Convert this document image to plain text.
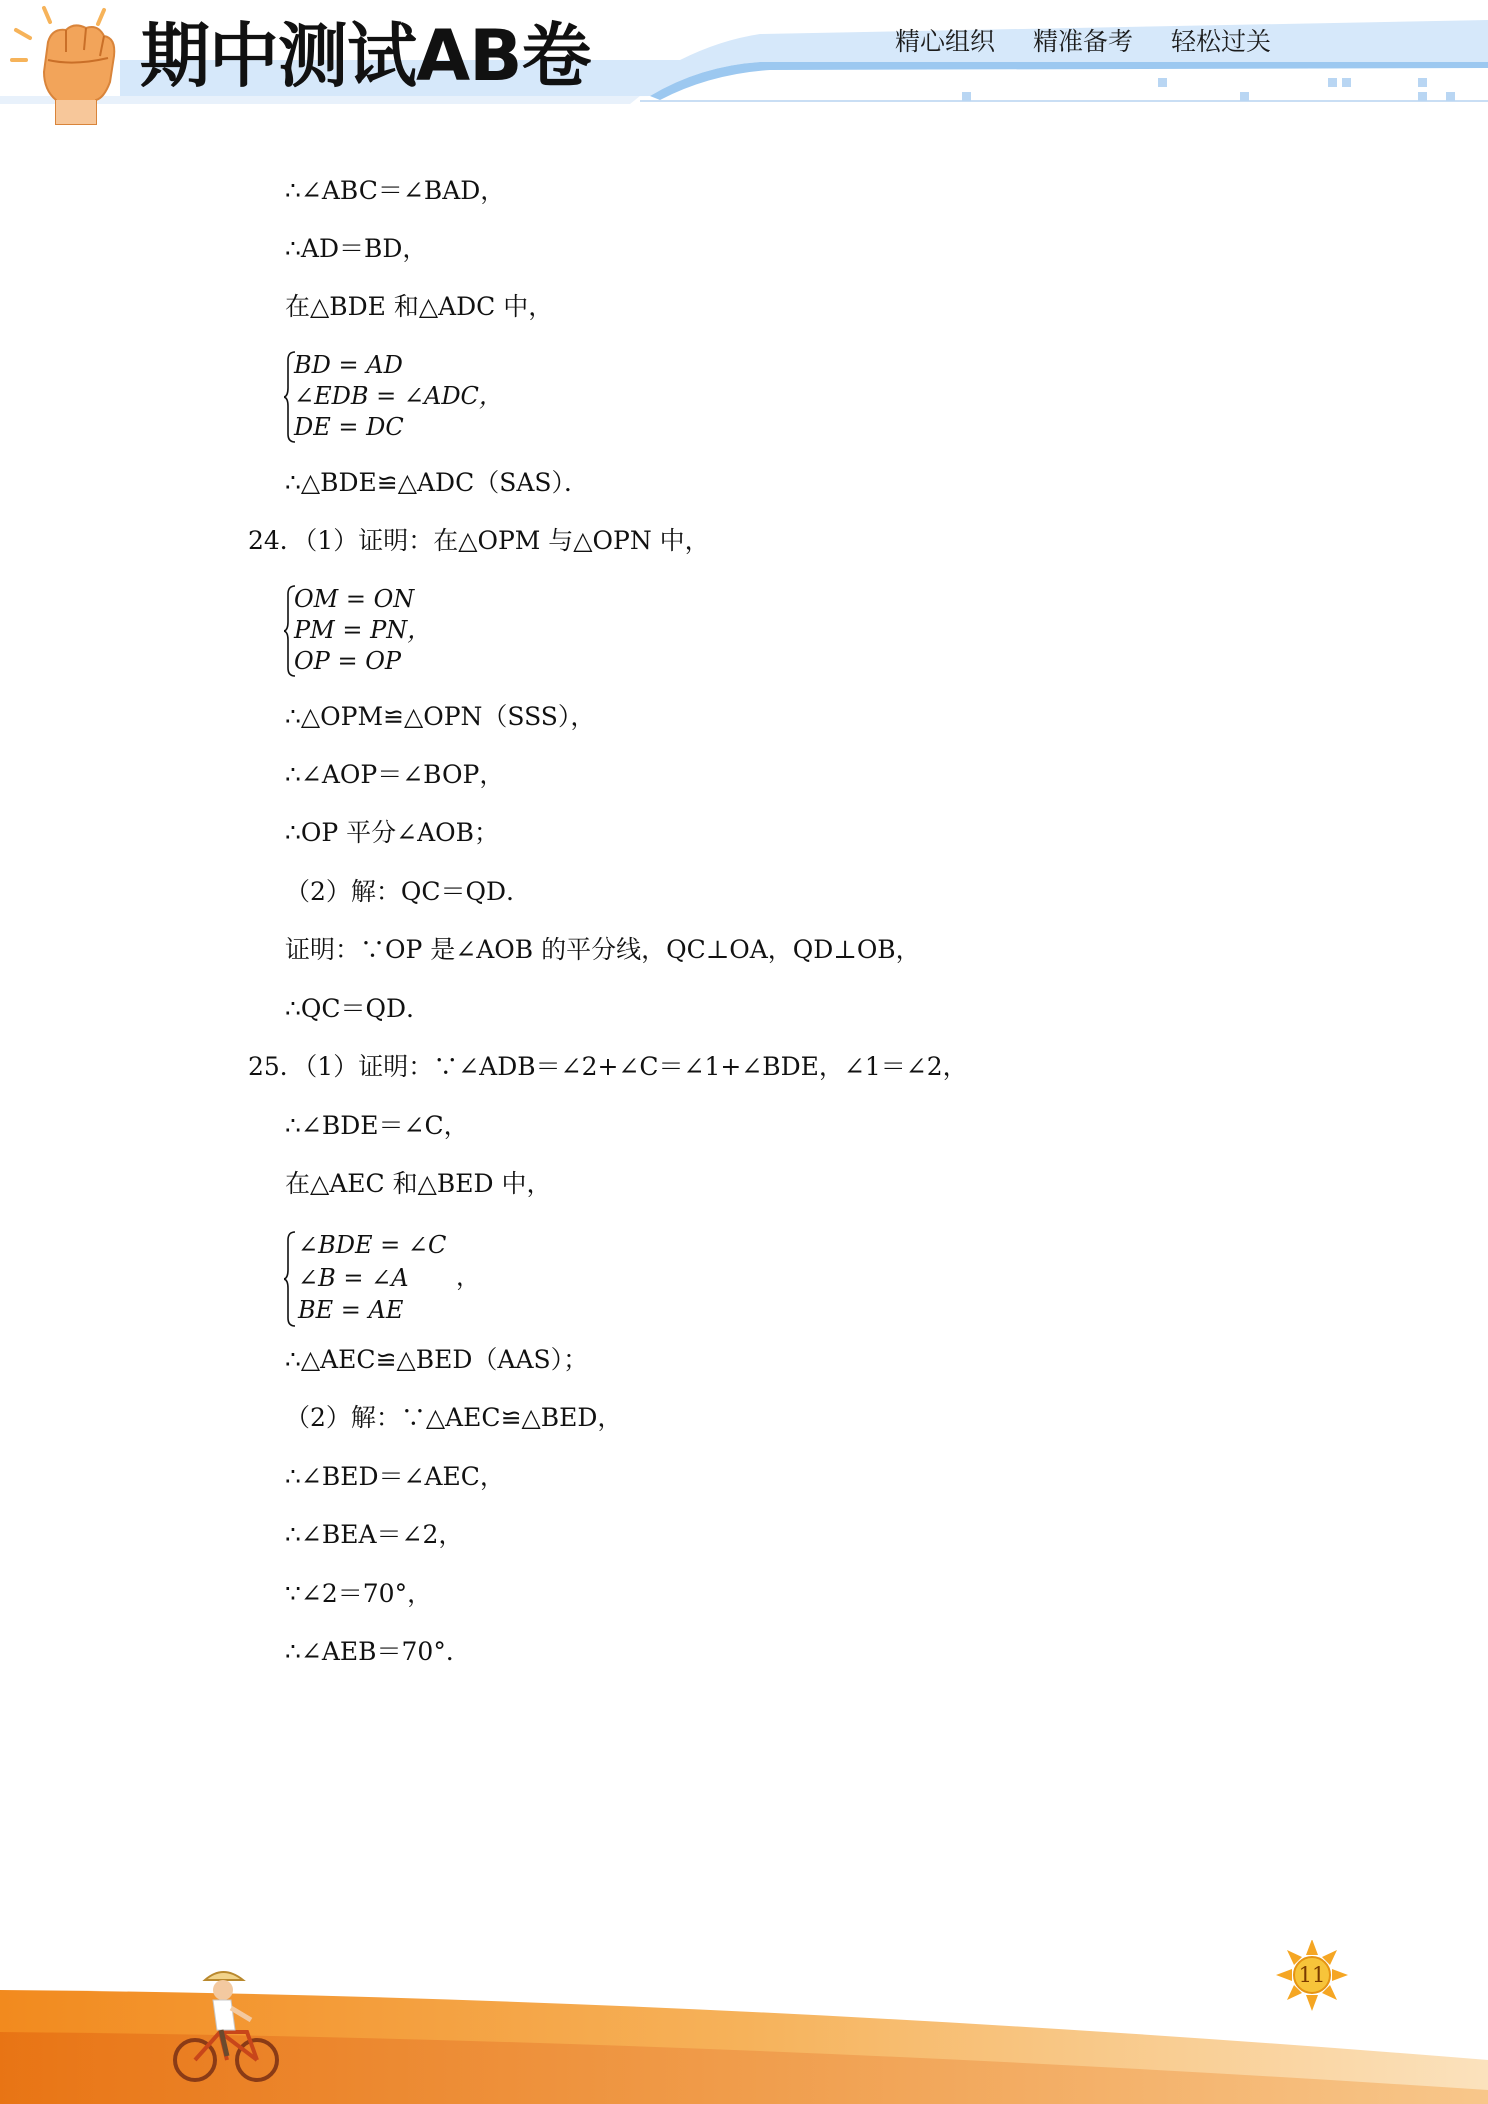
期中测试AB卷	精心组织 精准备考 轻松过关
∴∠ABC＝∠BAD，
∴AD＝BD，
在△BDE 和△ADC 中，
BD = AD
∠EDB = ∠ADC，
DE = DC
∴△BDE≌△ADC（SAS）．
24．（1）证明：在△OPM 与△OPN 中，
OM = ON
PM = PN，
OP = OP
∴△OPM≌△OPN（SSS），
∴∠AOP＝∠BOP，
∴OP 平分∠AOB；
（2）解：QC＝QD．
证明：∵OP 是∠AOB 的平分线，QC⊥OA，QD⊥OB，
∴QC＝QD．
25．（1）证明：∵∠ADB＝∠2+∠C＝∠1+∠BDE，∠1＝∠2，
∴∠BDE＝∠C，
在△AEC 和△BED 中，
∠BDE = ∠C
∠B = ∠A
BE = AE
，
∴△AEC≌△BED（AAS）；
（2）解：∵△AEC≌△BED，
∴∠BED＝∠AEC，
∴∠BEA＝∠2，
∵∠2＝70°，
∴∠AEB＝70°．
11
